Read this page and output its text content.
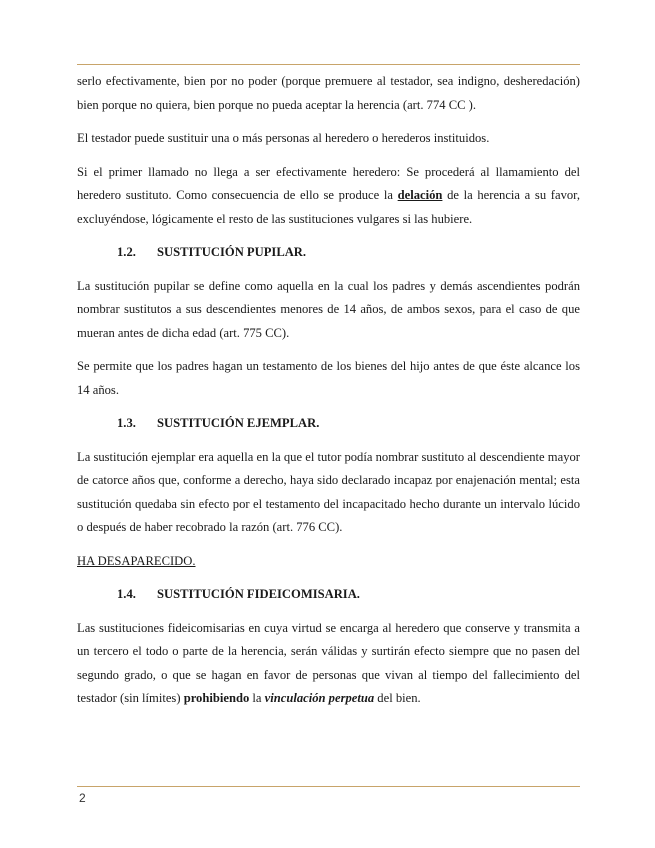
serlo efectivamente, bien por no poder (porque premuere al testador, sea indigno, desheredación) bien porque no quiera, bien porque no pueda aceptar la herencia (art. 774 CC ).

El testador puede sustituir una o más personas al heredero o herederos instituidos.

Si el primer llamado no llega a ser efectivamente heredero: Se procederá al llamamiento del heredero sustituto. Como consecuencia de ello se produce la delación de la herencia a su favor, excluyéndose, lógicamente el resto de las sustituciones vulgares si las hubiere.

1.2.	SUSTITUCIÓN PUPILAR.

La sustitución pupilar se define como aquella en la cual los padres y demás ascendientes podrán nombrar sustitutos a sus descendientes menores de 14 años, de ambos sexos, para el caso de que mueran antes de dicha edad (art. 775 CC).

Se permite que los padres hagan un testamento de los bienes del hijo antes de que éste alcance los 14 años.

1.3.	SUSTITUCIÓN EJEMPLAR.

La sustitución ejemplar era aquella en la que el tutor podía nombrar sustituto al descendiente mayor de catorce años que, conforme a derecho, haya sido declarado incapaz por enajenación mental; esta sustitución quedaba sin efecto por el testamento del incapacitado hecho durante un intervalo lúcido o después de haber recobrado la razón (art. 776 CC).

HA DESAPARECIDO.

1.4.	SUSTITUCIÓN FIDEICOMISARIA.

Las sustituciones fideicomisarias en cuya virtud se encarga al heredero que conserve y transmita a un tercero el todo o parte de la herencia, serán válidas y surtirán efecto siempre que no pasen del segundo grado, o que se hagan en favor de personas que vivan al tiempo del fallecimiento del testador (sin límites) prohibiendo la vinculación perpetua del bien.

2
